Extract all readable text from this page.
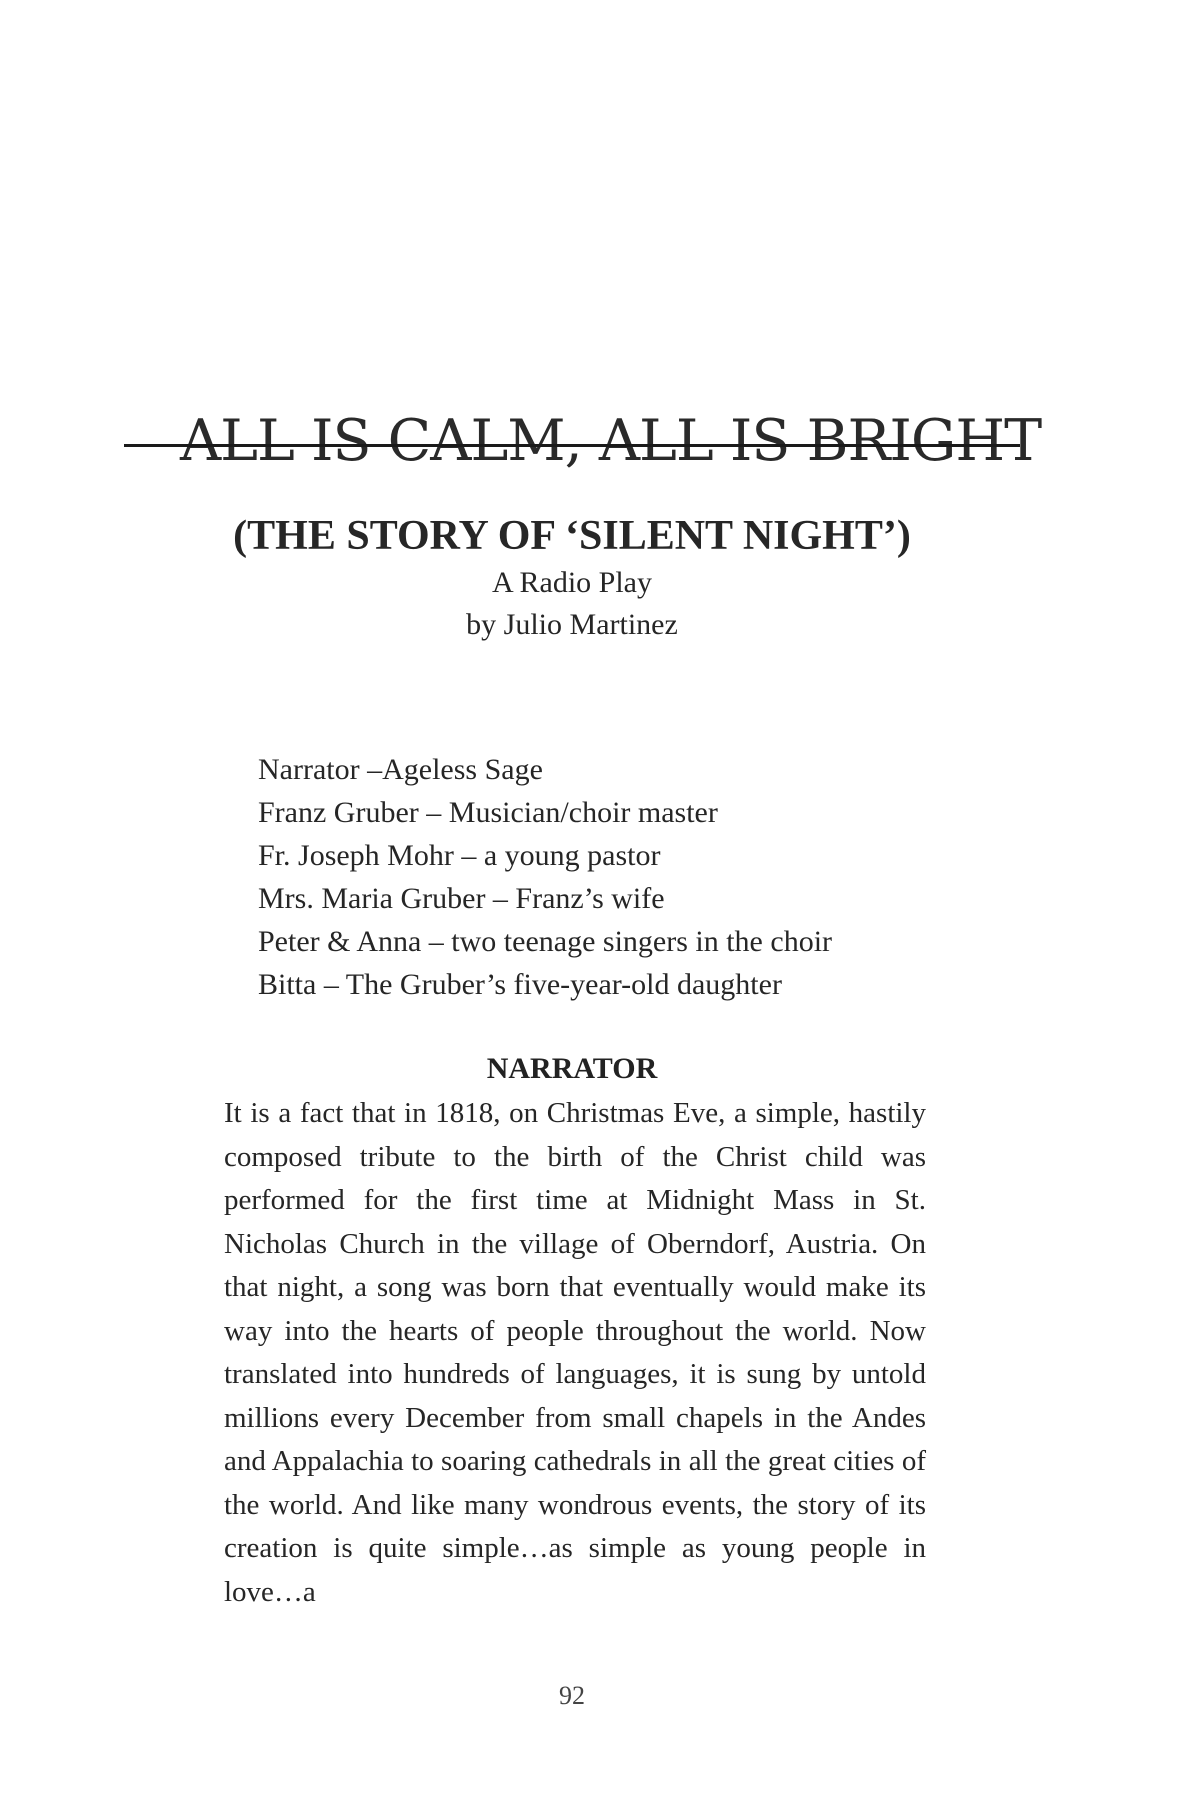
ALL IS CALM, ALL IS BRIGHT
(THE STORY OF ‘SILENT NIGHT’)
A Radio Play
by Julio Martinez
Narrator –Ageless Sage
Franz Gruber – Musician/choir master
Fr. Joseph Mohr – a young pastor
Mrs. Maria Gruber – Franz’s wife
Peter & Anna – two teenage singers in the choir
Bitta – The Gruber’s five-year-old daughter
NARRATOR

It is a fact that in 1818, on Christmas Eve, a simple, hastily composed tribute to the birth of the Christ child was performed for the first time at Midnight Mass in St. Nicholas Church in the village of Oberndorf, Austria. On that night, a song was born that eventually would make its way into the hearts of people throughout the world. Now translated into hundreds of languages, it is sung by untold millions every December from small chapels in the Andes and Appalachia to soaring cathedrals in all the great cities of the world. And like many wondrous events, the story of its creation is quite simple…as simple as young people in love…a

92
